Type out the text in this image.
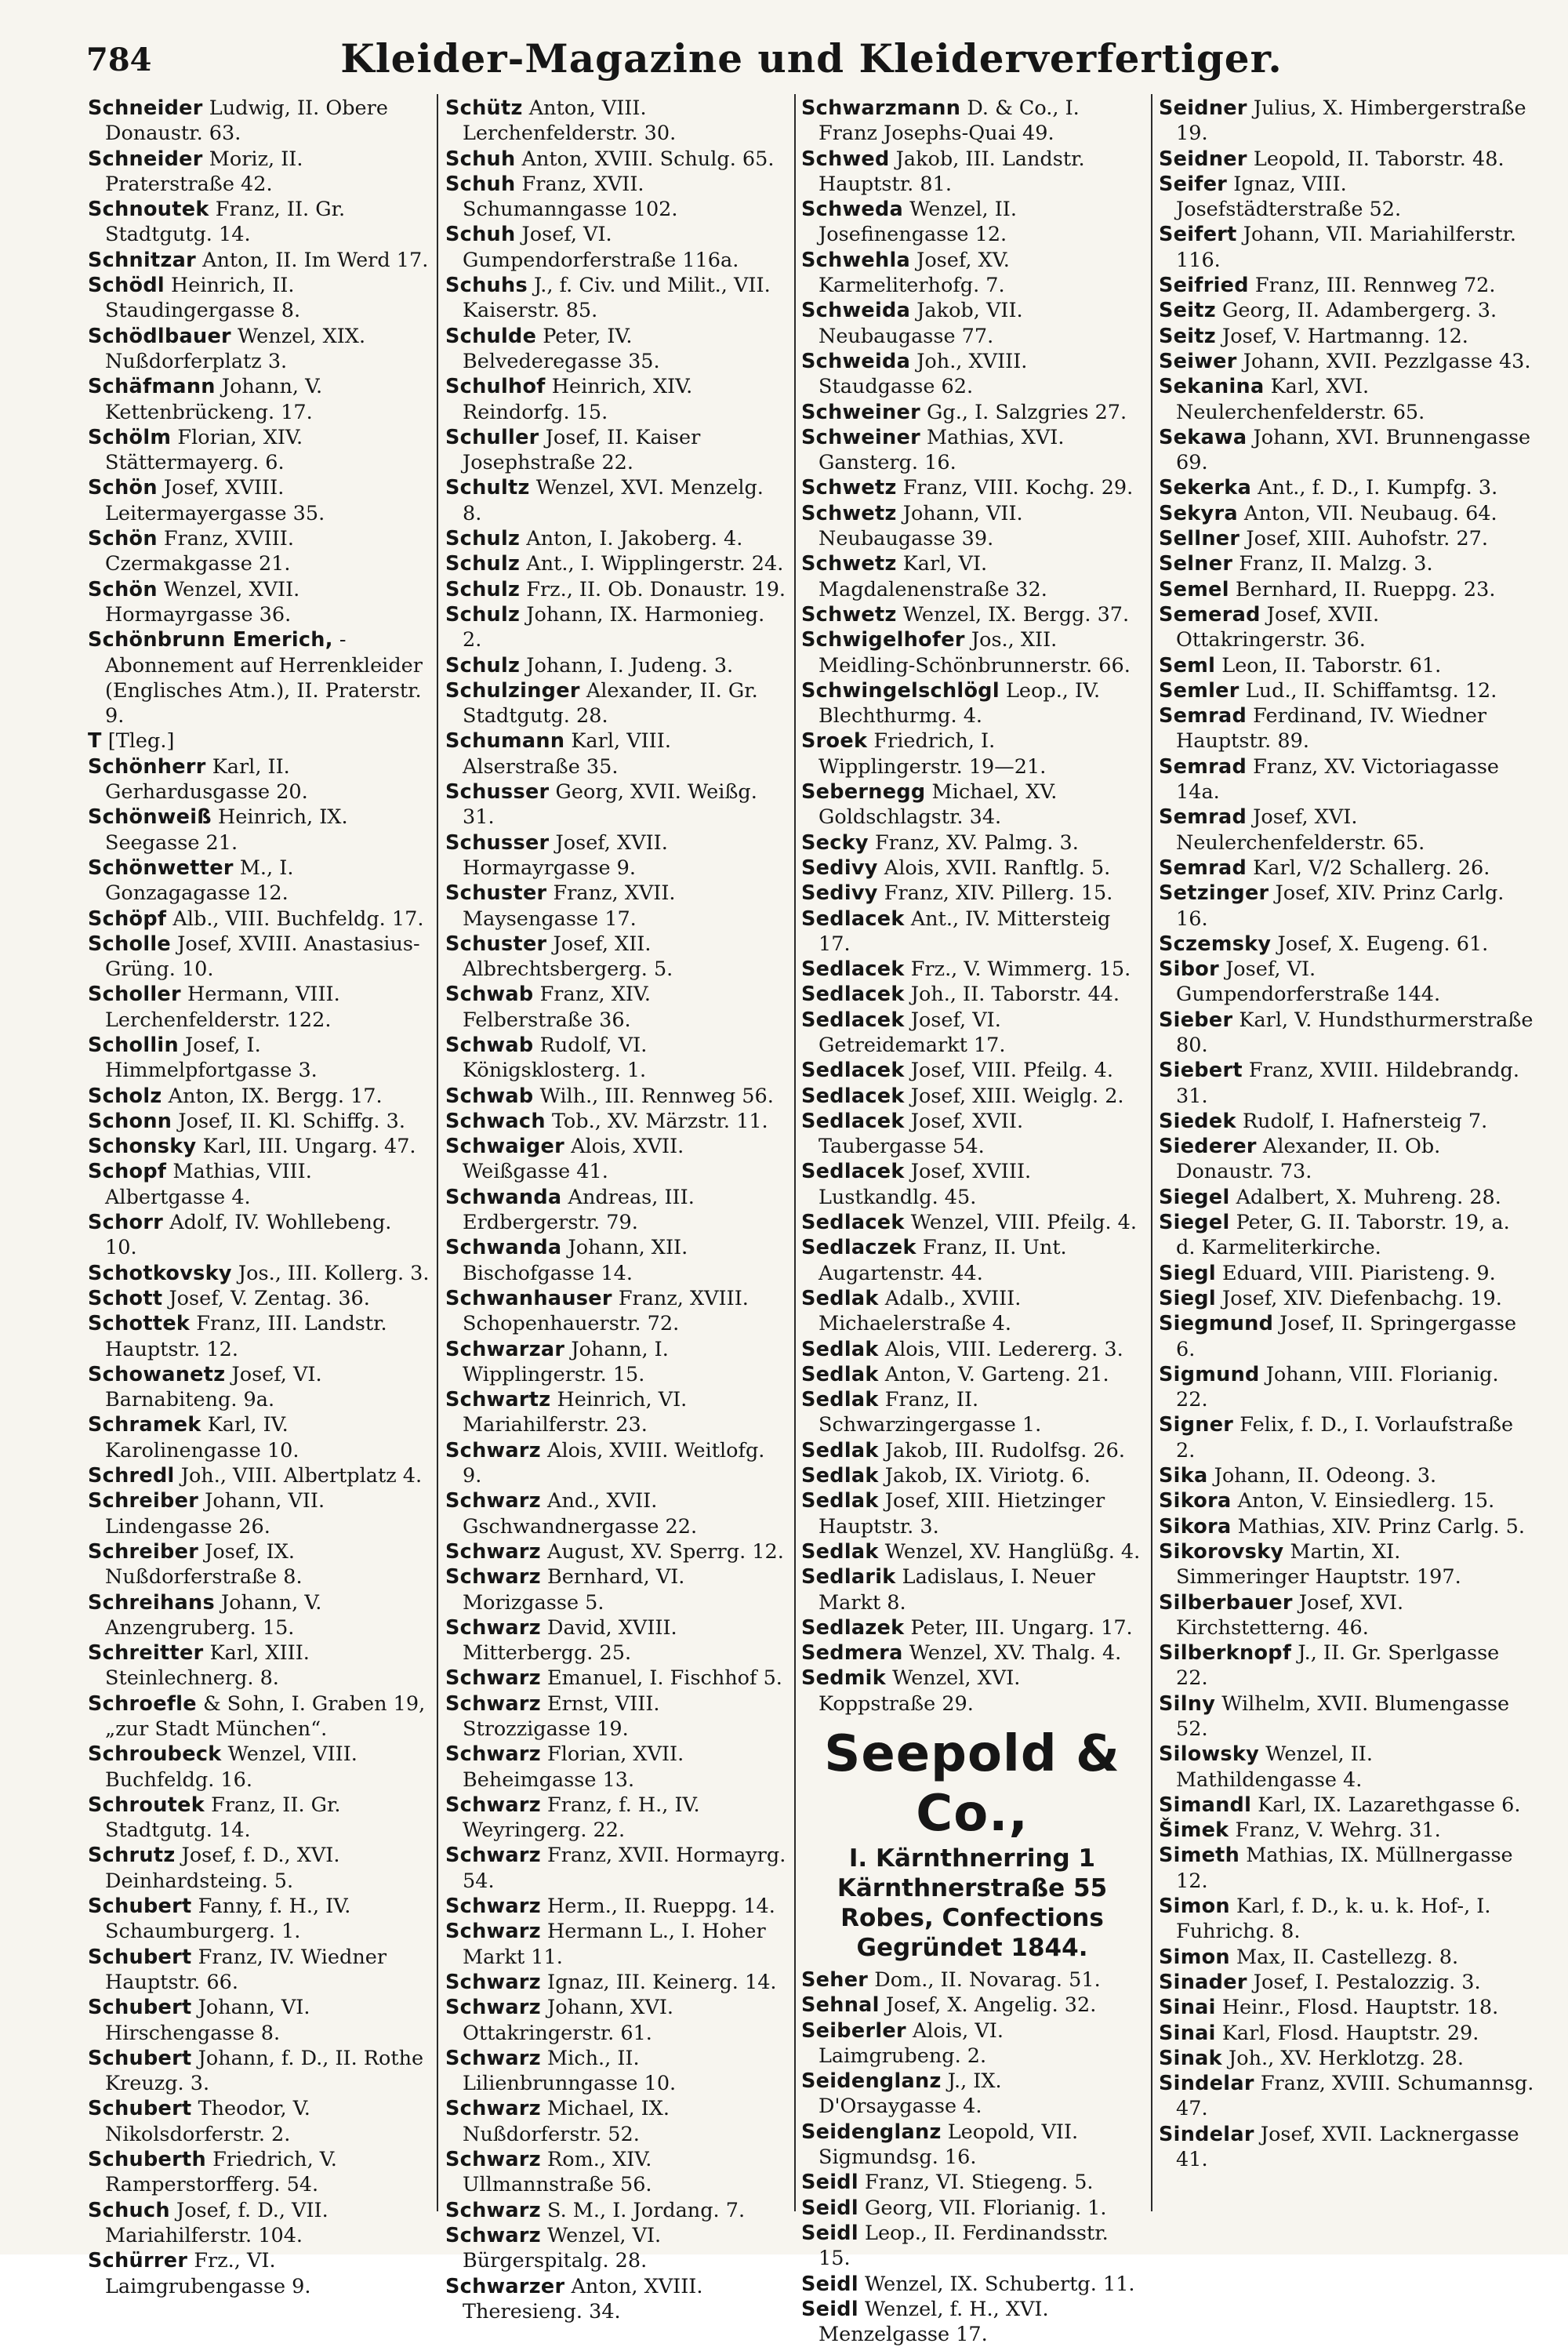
784	Kleider-Magazine und Kleiderverfertiger.
Schneider Ludwig, II. Obere Donaustr. 63.
Schneider Moriz, II. Praterstraße 42.
Schnoutek Franz, II. Gr. Stadtgutg. 14.
Schnitzar Anton, II. Im Werd 17.
Schödl Heinrich, II. Staudingergasse 8.
Schödlbauer Wenzel, XIX. Nußdorferplatz 3.
Schäfmann Johann, V. Kettenbrückeng. 17.
Schölm Florian, XIV. Stättermayerg. 6.
Schön Josef, XVIII. Leitermayergasse 35.
Schön Franz, XVIII. Czermakgasse 21.
Schön Wenzel, XVII. Hormayrgasse 36.
Schönbrunn Emerich, -Abonnement auf Herrenkleider (Englisches Atm.), II. Praterstr. 9.
T [Tleg.]
Schönherr Karl, II. Gerhardusgasse 20.
Schönweiß Heinrich, IX. Seegasse 21.
Schönwetter M., I. Gonzagagasse 12.
Schöpf Alb., VIII. Buchfeldg. 17.
Scholle Josef, XVIII. Anastasius-Grüng. 10.
Scholler Hermann, VIII. Lerchenfelderstr. 122.
Schollin Josef, I. Himmelpfortgasse 3.
Scholz Anton, IX. Bergg. 17.
Schonn Josef, II. Kl. Schiffg. 3.
Schonsky Karl, III. Ungarg. 47.
Schopf Mathias, VIII. Albertgasse 4.
Schorr Adolf, IV. Wohllebeng. 10.
Schotkovsky Jos., III. Kollerg. 3.
Schott Josef, V. Zentag. 36.
Schottek Franz, III. Landstr. Hauptstr. 12.
Schowanetz Josef, VI. Barnabiteng. 9a.
Schramek Karl, IV. Karolinengasse 10.
Schredl Joh., VIII. Albertplatz 4.
Schreiber Johann, VII. Lindengasse 26.
Schreiber Josef, IX. Nußdorferstraße 8.
Schreihans Johann, V. Anzengruberg. 15.
Schreitter Karl, XIII. Steinlechnerg. 8.
Schroefle & Sohn, I. Graben 19, „zur Stadt München“.
Schroubeck Wenzel, VIII. Buchfeldg. 16.
Schroutek Franz, II. Gr. Stadtgutg. 14.
Schrutz Josef, f. D., XVI. Deinhardsteing. 5.
Schubert Fanny, f. H., IV. Schaumburgerg. 1.
Schubert Franz, IV. Wiedner Hauptstr. 66.
Schubert Johann, VI. Hirschengasse 8.
Schubert Johann, f. D., II. Rothe Kreuzg. 3.
Schubert Theodor, V. Nikolsdorferstr. 2.
Schuberth Friedrich, V. Ramperstorfferg. 54.
Schuch Josef, f. D., VII. Mariahilferstr. 104.
Schürrer Frz., VI. Laimgrubengasse 9.
Schütz Anton, VIII. Lerchenfelderstr. 30.
Schuh Anton, XVIII. Schulg. 65.
Schuh Franz, XVII. Schumanngasse 102.
Schuh Josef, VI. Gumpendorferstraße 116a.
Schuhs J., f. Civ. und Milit., VII. Kaiserstr. 85.
Schulde Peter, IV. Belvederegasse 35.
Schulhof Heinrich, XIV. Reindorfg. 15.
Schuller Josef, II. Kaiser Josephstraße 22.
Schultz Wenzel, XVI. Menzelg. 8.
Schulz Anton, I. Jakoberg. 4.
Schulz Ant., I. Wipplingerstr. 24.
Schulz Frz., II. Ob. Donaustr. 19.
Schulz Johann, IX. Harmonieg. 2.
Schulz Johann, I. Judeng. 3.
Schulzinger Alexander, II. Gr. Stadtgutg. 28.
Schumann Karl, VIII. Alserstraße 35.
Schusser Georg, XVII. Weißg. 31.
Schusser Josef, XVII. Hormayrgasse 9.
Schuster Franz, XVII. Maysengasse 17.
Schuster Josef, XII. Albrechtsbergerg. 5.
Schwab Franz, XIV. Felberstraße 36.
Schwab Rudolf, VI. Königsklosterg. 1.
Schwab Wilh., III. Rennweg 56.
Schwach Tob., XV. Märzstr. 11.
Schwaiger Alois, XVII. Weißgasse 41.
Schwanda Andreas, III. Erdbergerstr. 79.
Schwanda Johann, XII. Bischofgasse 14.
Schwanhauser Franz, XVIII. Schopenhauerstr. 72.
Schwarzar Johann, I. Wipplingerstr. 15.
Schwartz Heinrich, VI. Mariahilferstr. 23.
Schwarz Alois, XVIII. Weitlofg. 9.
Schwarz And., XVII. Gschwandnergasse 22.
Schwarz August, XV. Sperrg. 12.
Schwarz Bernhard, VI. Morizgasse 5.
Schwarz David, XVIII. Mitterbergg. 25.
Schwarz Emanuel, I. Fischhof 5.
Schwarz Ernst, VIII. Strozzigasse 19.
Schwarz Florian, XVII. Beheimgasse 13.
Schwarz Franz, f. H., IV. Weyringerg. 22.
Schwarz Franz, XVII. Hormayrg. 54.
Schwarz Herm., II. Rueppg. 14.
Schwarz Hermann L., I. Hoher Markt 11.
Schwarz Ignaz, III. Keinerg. 14.
Schwarz Johann, XVI. Ottakringerstr. 61.
Schwarz Mich., II. Lilienbrunngasse 10.
Schwarz Michael, IX. Nußdorferstr. 52.
Schwarz Rom., XIV. Ullmannstraße 56.
Schwarz S. M., I. Jordang. 7.
Schwarz Wenzel, VI. Bürgerspitalg. 28.
Schwarzer Anton, XVIII. Theresieng. 34.
Schwarzmann D. & Co., I. Franz Josephs-Quai 49.
Schwed Jakob, III. Landstr. Hauptstr. 81.
Schweda Wenzel, II. Josefinengasse 12.
Schwehla Josef, XV. Karmeliterhofg. 7.
Schweida Jakob, VII. Neubaugasse 77.
Schweida Joh., XVIII. Staudgasse 62.
Schweiner Gg., I. Salzgries 27.
Schweiner Mathias, XVI. Gansterg. 16.
Schwetz Franz, VIII. Kochg. 29.
Schwetz Johann, VII. Neubaugasse 39.
Schwetz Karl, VI. Magdalenenstraße 32.
Schwetz Wenzel, IX. Bergg. 37.
Schwigelhofer Jos., XII. Meidling-Schönbrunnerstr. 66.
Schwingelschlögl Leop., IV. Blechthurmg. 4.
Sroek Friedrich, I. Wipplingerstr. 19—21.
Sebernegg Michael, XV. Goldschlagstr. 34.
Secky Franz, XV. Palmg. 3.
Sedivy Alois, XVII. Ranftlg. 5.
Sedivy Franz, XIV. Pillerg. 15.
Sedlacek Ant., IV. Mittersteig 17.
Sedlacek Frz., V. Wimmerg. 15.
Sedlacek Joh., II. Taborstr. 44.
Sedlacek Josef, VI. Getreidemarkt 17.
Sedlacek Josef, VIII. Pfeilg. 4.
Sedlacek Josef, XIII. Weiglg. 2.
Sedlacek Josef, XVII. Taubergasse 54.
Sedlacek Josef, XVIII. Lustkandlg. 45.
Sedlacek Wenzel, VIII. Pfeilg. 4.
Sedlaczek Franz, II. Unt. Augartenstr. 44.
Sedlak Adalb., XVIII. Michaelerstraße 4.
Sedlak Alois, VIII. Ledererg. 3.
Sedlak Anton, V. Garteng. 21.
Sedlak Franz, II. Schwarzingergasse 1.
Sedlak Jakob, III. Rudolfsg. 26.
Sedlak Jakob, IX. Viriotg. 6.
Sedlak Josef, XIII. Hietzinger Hauptstr. 3.
Sedlak Wenzel, XV. Hanglüßg. 4.
Sedlarik Ladislaus, I. Neuer Markt 8.
Sedlazek Peter, III. Ungarg. 17.
Sedmera Wenzel, XV. Thalg. 4.
Sedmik Wenzel, XVI. Koppstraße 29.
Seepold & Co.,
I. Kärnthnerring 1
Kärnthnerstraße 55
Robes, Confections
Gegründet 1844.
Seher Dom., II. Novarag. 51.
Sehnal Josef, X. Angelig. 32.
Seiberler Alois, VI. Laimgrubeng. 2.
Seidenglanz J., IX. D'Orsaygasse 4.
Seidenglanz Leopold, VII. Sigmundsg. 16.
Seidl Franz, VI. Stiegeng. 5.
Seidl Georg, VII. Florianig. 1.
Seidl Leop., II. Ferdinandsstr. 15.
Seidl Wenzel, IX. Schubertg. 11.
Seidl Wenzel, f. H., XVI. Menzelgasse 17.
Seidner Julius, X. Himbergerstraße 19.
Seidner Leopold, II. Taborstr. 48.
Seifer Ignaz, VIII. Josefstädterstraße 52.
Seifert Johann, VII. Mariahilferstr. 116.
Seifried Franz, III. Rennweg 72.
Seitz Georg, II. Adambergerg. 3.
Seitz Josef, V. Hartmanng. 12.
Seiwer Johann, XVII. Pezzlgasse 43.
Sekanina Karl, XVI. Neulerchenfelderstr. 65.
Sekawa Johann, XVI. Brunnengasse 69.
Sekerka Ant., f. D., I. Kumpfg. 3.
Sekyra Anton, VII. Neubaug. 64.
Sellner Josef, XIII. Auhofstr. 27.
Selner Franz, II. Malzg. 3.
Semel Bernhard, II. Rueppg. 23.
Semerad Josef, XVII. Ottakringerstr. 36.
Seml Leon, II. Taborstr. 61.
Semler Lud., II. Schiffamtsg. 12.
Semrad Ferdinand, IV. Wiedner Hauptstr. 89.
Semrad Franz, XV. Victoriagasse 14a.
Semrad Josef, XVI. Neulerchenfelderstr. 65.
Semrad Karl, V/2 Schallerg. 26.
Setzinger Josef, XIV. Prinz Carlg. 16.
Sczemsky Josef, X. Eugeng. 61.
Sibor Josef, VI. Gumpendorferstraße 144.
Sieber Karl, V. Hundsthurmerstraße 80.
Siebert Franz, XVIII. Hildebrandg. 31.
Siedek Rudolf, I. Hafnersteig 7.
Siederer Alexander, II. Ob. Donaustr. 73.
Siegel Adalbert, X. Muhreng. 28.
Siegel Peter, G. II. Taborstr. 19, a. d. Karmeliterkirche.
Siegl Eduard, VIII. Piaristeng. 9.
Siegl Josef, XIV. Diefenbachg. 19.
Siegmund Josef, II. Springergasse 6.
Sigmund Johann, VIII. Florianig. 22.
Signer Felix, f. D., I. Vorlaufstraße 2.
Sika Johann, II. Odeong. 3.
Sikora Anton, V. Einsiedlerg. 15.
Sikora Mathias, XIV. Prinz Carlg. 5.
Sikorovsky Martin, XI. Simmeringer Hauptstr. 197.
Silberbauer Josef, XVI. Kirchstetterng. 46.
Silberknopf J., II. Gr. Sperlgasse 22.
Silny Wilhelm, XVII. Blumengasse 52.
Silowsky Wenzel, II. Mathildengasse 4.
Simandl Karl, IX. Lazarethgasse 6.
Šimek Franz, V. Wehrg. 31.
Simeth Mathias, IX. Müllnergasse 12.
Simon Karl, f. D., k. u. k. Hof-, I. Fuhrichg. 8.
Simon Max, II. Castellezg. 8.
Sinader Josef, I. Pestalozzig. 3.
Sinai Heinr., Flosd. Hauptstr. 18.
Sinai Karl, Flosd. Hauptstr. 29.
Sinak Joh., XV. Herklotzg. 28.
Sindelar Franz, XVIII. Schumannsg. 47.
Sindelar Josef, XVII. Lacknergasse 41.
